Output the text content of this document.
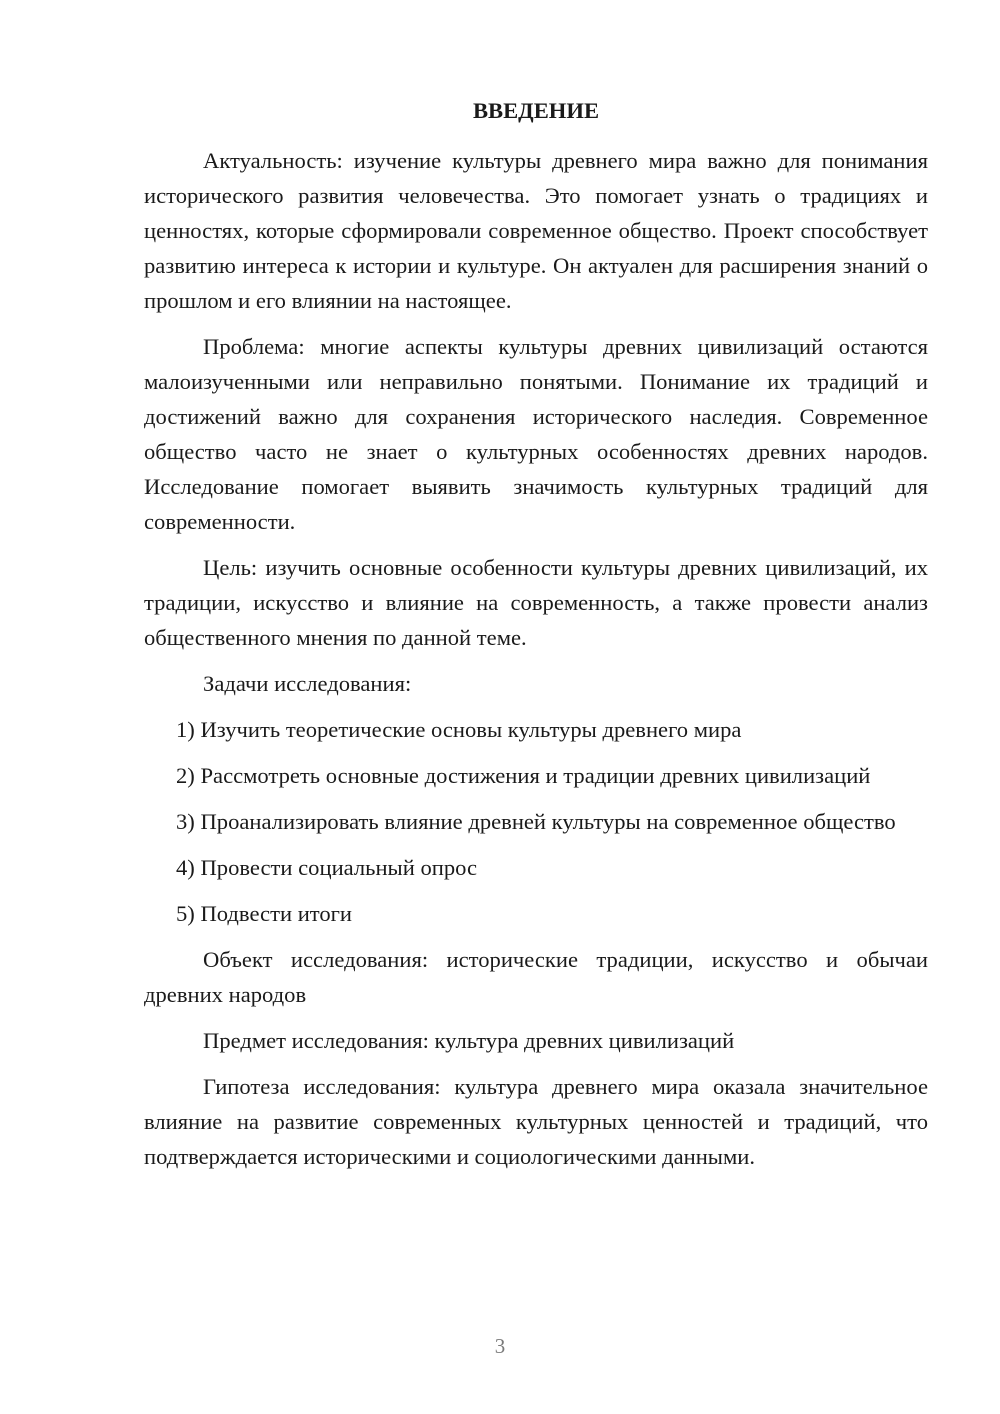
ВВЕДЕНИЕ

Актуальность: изучение культуры древнего мира важно для понимания исторического развития человечества. Это помогает узнать о традициях и ценностях, которые сформировали современное общество. Проект способствует развитию интереса к истории и культуре. Он актуален для расширения знаний о прошлом и его влиянии на настоящее.

Проблема: многие аспекты культуры древних цивилизаций остаются малоизученными или неправильно понятыми. Понимание их традиций и достижений важно для сохранения исторического наследия. Современное общество часто не знает о культурных особенностях древних народов. Исследование помогает выявить значимость культурных традиций для современности.

Цель: изучить основные особенности культуры древних цивилизаций, их традиции, искусство и влияние на современность, а также провести анализ общественного мнения по данной теме.

Задачи исследования:

1) Изучить теоретические основы культуры древнего мира

2) Рассмотреть основные достижения и традиции древних цивилизаций

3) Проанализировать влияние древней культуры на современное общество

4) Провести социальный опрос

5) Подвести итоги

Объект исследования: исторические традиции, искусство и обычаи древних народов

Предмет исследования: культура древних цивилизаций

Гипотеза исследования: культура древнего мира оказала значительное влияние на развитие современных культурных ценностей и традиций, что подтверждается историческими и социологическими данными.

3
